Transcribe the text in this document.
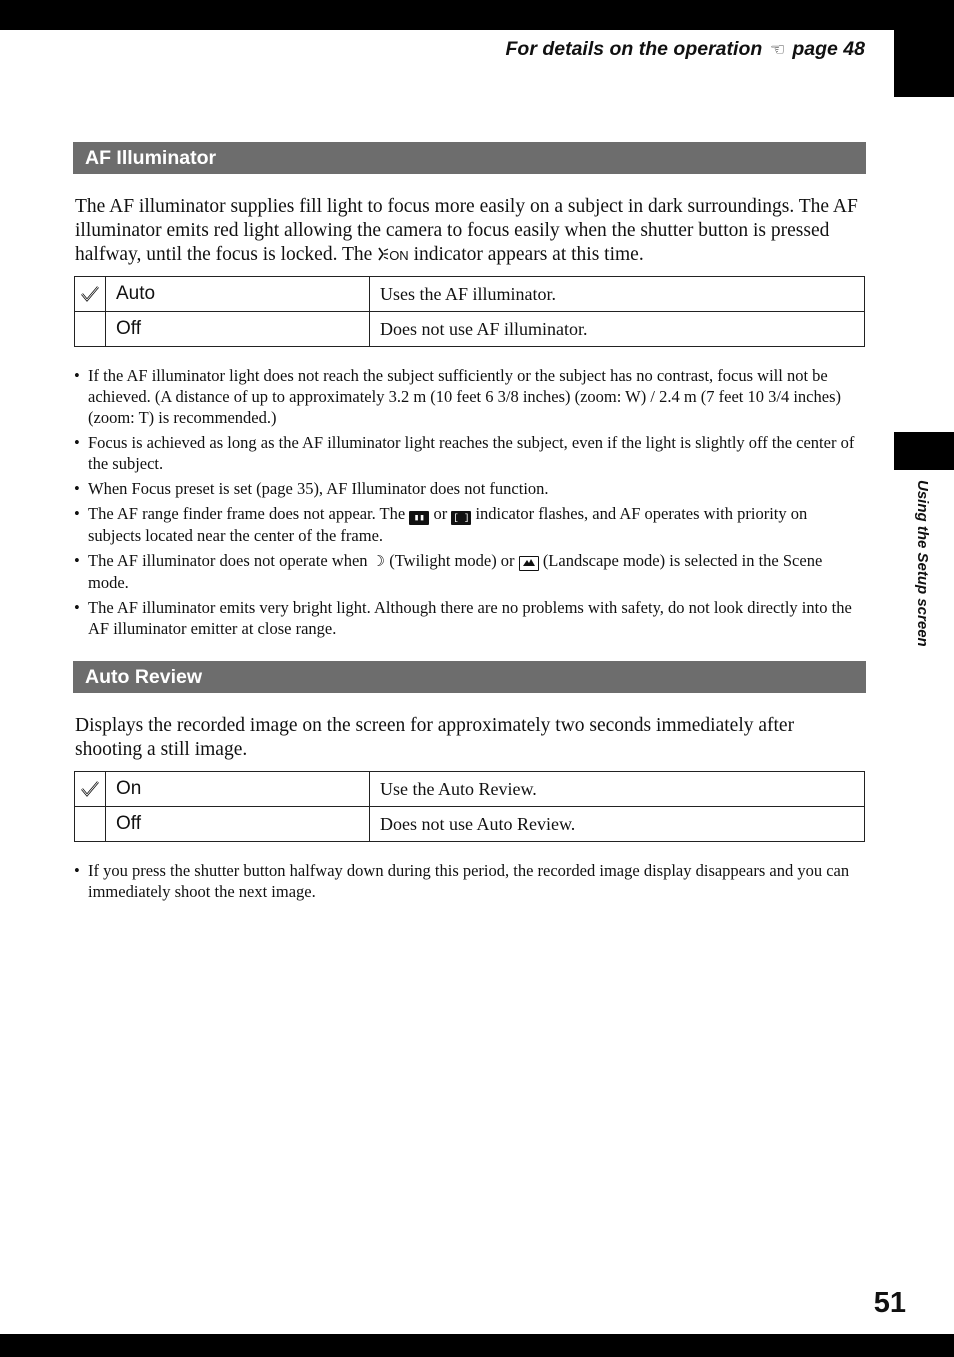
Using the Setup screen
For details on the operation ☞ page 48
AF Illuminator

The AF illuminator supplies fill light to focus more easily on a subject in dark surroundings. The AF illuminator emits red light allowing the camera to focus easily when the shutter button is pressed halfway, until the focus is locked. The ON indicator appears at this time.

	Auto	Uses the AF illuminator.
	Off	Does not use AF illuminator.
• If the AF illuminator light does not reach the subject sufficiently or the subject has no contrast, focus will not be achieved. (A distance of up to approximately 3.2 m (10 feet 6 3/8 inches) (zoom: W) / 2.4 m (7 feet 10 3/4 inches) (zoom: T) is recommended.)
• Focus is achieved as long as the AF illuminator light reaches the subject, even if the light is slightly off the center of the subject.
• When Focus preset is set (page 35), AF Illuminator does not function.
• The AF range finder frame does not appear. The ▮▮ or [ ] indicator flashes, and AF operates with priority on subjects located near the center of the frame.
• The AF illuminator does not operate when ☽ (Twilight mode) or (Landscape mode) is selected in the Scene mode.
• The AF illuminator emits very bright light. Although there are no problems with safety, do not look directly into the AF illuminator emitter at close range.
Auto Review

Displays the recorded image on the screen for approximately two seconds immediately after shooting a still image.

	On	Use the Auto Review.
	Off	Does not use Auto Review.
• If you press the shutter button halfway down during this period, the recorded image display disappears and you can immediately shoot the next image.
51
